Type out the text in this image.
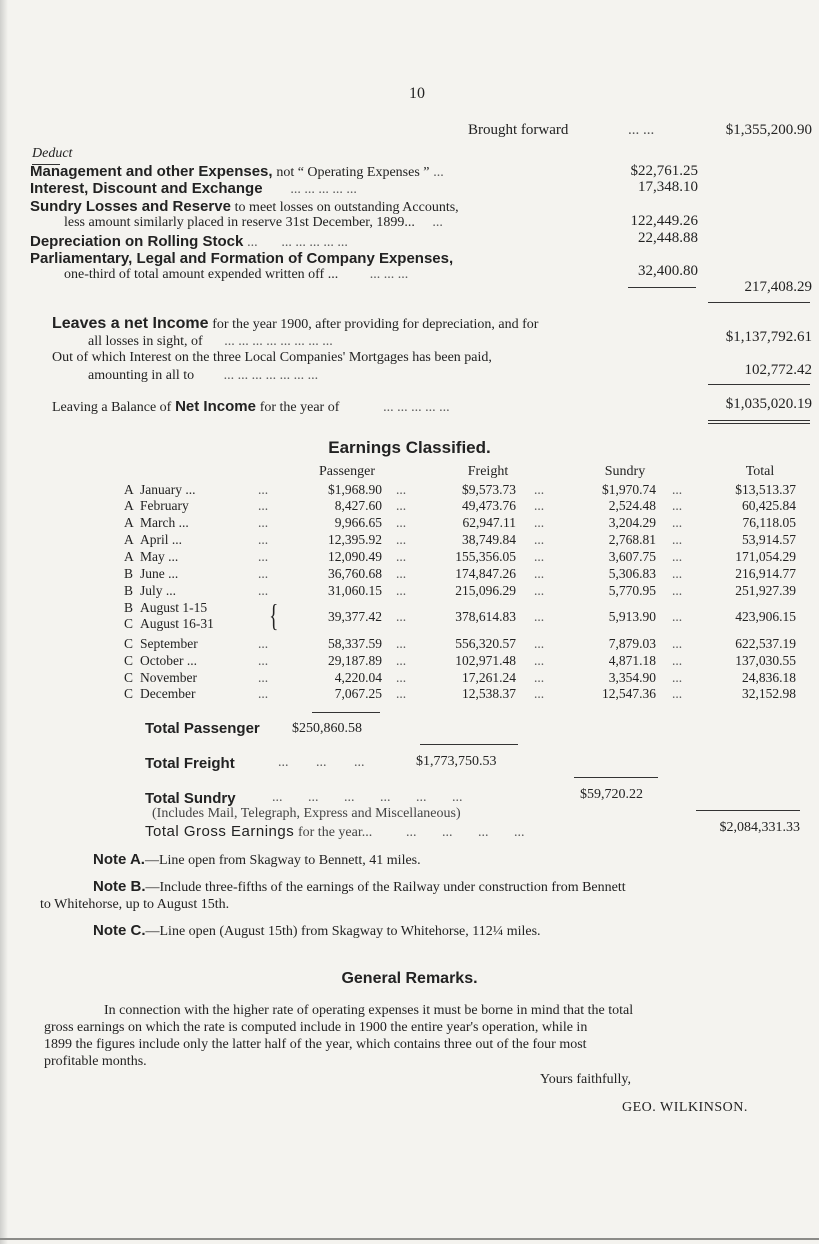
10
Brought forward	... ...	$1,355,200.90
Deduct
Management and other Expenses, not “ Operating Expenses ” ...	$22,761.25
Interest, Discount and Exchange ... ... ... ... ...	17,348.10
Sundry Losses and Reserve to meet losses on outstanding Accounts,
less amount similarly placed in reserve 31st December, 1899... ...	122,449.26
Depreciation on Rolling Stock ... ... ... ... ... ...	22,448.88
Parliamentary, Legal and Formation of Company Expenses,
one-third of total amount expended written off ... ... ... ...	32,400.80
217,408.29
Leaves a net Income for the year 1900, after providing for depreciation, and for
all losses in sight, of ... ... ... ... ... ... ... ...	$1,137,792.61
Out of which Interest on the three Local Companies' Mortgages has been paid,
amounting in all to ... ... ... ... ... ... ...	102,772.42
Leaving a Balance of Net Income for the year of	... ... ... ... ...	$1,035,020.19
Earnings Classified.
Passenger	Freight	Sundry	Total
A January ...	...	$1,968.90 ...	$9,573.73 ...	$1,970.74 ...	$13,513.37
A February	...	8,427.60 ...	49,473.76 ...	2,524.48 ...	60,425.84
A March ...	...	9,966.65 ...	62,947.11 ...	3,204.29 ...	76,118.05
A April ...	...	12,395.92 ...	38,749.84 ...	2,768.81 ...	53,914.57
A May ...	...	12,090.49 ...	155,356.05 ...	3,607.75 ...	171,054.29
B June ...	...	36,760.68 ...	174,847.26 ...	5,306.83 ...	216,914.77
B July ...	...	31,060.15 ...	215,096.29 ...	5,770.95 ...	251,927.39
B August 1-15
C August 16-31 {	39,377.42 ...	378,614.83 ...	5,913.90 ...	423,906.15
C September	...	58,337.59 ...	556,320.57 ...	7,879.03 ...	622,537.19
C October ...	...	29,187.89 ...	102,971.48 ...	4,871.18 ...	137,030.55
C November	...	4,220.04 ...	17,261.24 ...	3,354.90 ...	24,836.18
C December	...	7,067.25 ...	12,538.37 ...	12,547.36 ...	32,152.98
Total Passenger $250,860.58
Total Freight	... ... ...	$1,773,750.53
Total Sundry	... ... ... ... ... ...	$59,720.22
(Includes Mail, Telegraph, Express and Miscellaneous)
Total Gross Earnings for the year... ... ... ... ...	$2,084,331.33
Note A.—Line open from Skagway to Bennett, 41 miles.
Note B.—Include three-fifths of the earnings of the Railway under construction from Bennett
to Whitehorse, up to August 15th.
Note C.—Line open (August 15th) from Skagway to Whitehorse, 112¼ miles.
General Remarks.
In connection with the higher rate of operating expenses it must be borne in mind that the total
gross earnings on which the rate is computed include in 1900 the entire year's operation, while in
1899 the figures include only the latter half of the year, which contains three out of the four most
profitable months.
Yours faithfully,
GEO. WILKINSON.
